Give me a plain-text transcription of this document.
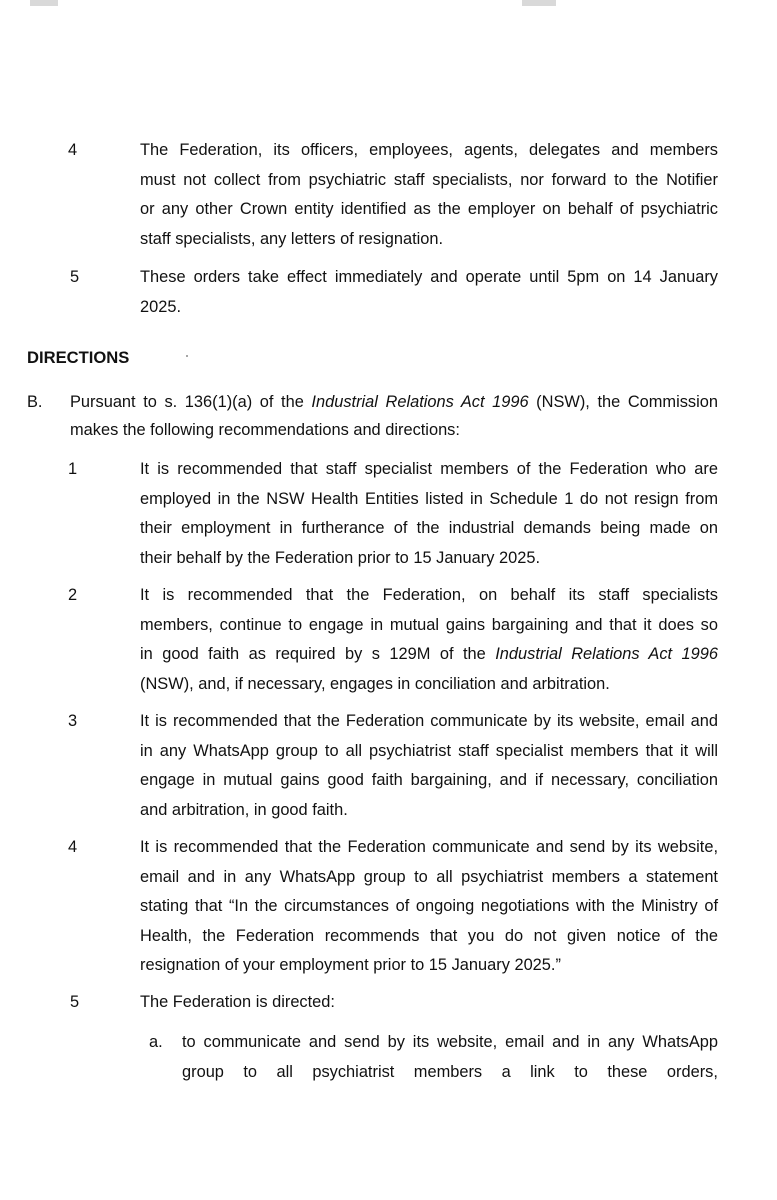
4	The Federation, its officers, employees, agents, delegates and members
must not collect from psychiatric staff specialists, nor forward to the Notifier
or any other Crown entity identified as the employer on behalf of psychiatric
staff specialists, any letters of resignation.
5	These orders take effect immediately and operate until 5pm on 14 January
2025.
DIRECTIONS
B. Pursuant to s. 136(1)(a) of the Industrial Relations Act 1996 (NSW), the Commission
makes the following recommendations and directions:
1	It is recommended that staff specialist members of the Federation who are
employed in the NSW Health Entities listed in Schedule 1 do not resign from
their employment in furtherance of the industrial demands being made on
their behalf by the Federation prior to 15 January 2025.
2	It is recommended that the Federation, on behalf its staff specialists
members, continue to engage in mutual gains bargaining and that it does so
in good faith as required by s 129M of the Industrial Relations Act 1996
(NSW), and, if necessary, engages in conciliation and arbitration.
3	It is recommended that the Federation communicate by its website, email and
in any WhatsApp group to all psychiatrist staff specialist members that it will
engage in mutual gains good faith bargaining, and if necessary, conciliation
and arbitration, in good faith.
4	It is recommended that the Federation communicate and send by its website,
email and in any WhatsApp group to all psychiatrist members a statement
stating that “In the circumstances of ongoing negotiations with the Ministry of
Health, the Federation recommends that you do not given notice of the
resignation of your employment prior to 15 January 2025.”
5	The Federation is directed:
a. to communicate and send by its website, email and in any WhatsApp
group to all psychiatrist members a link to these orders,
